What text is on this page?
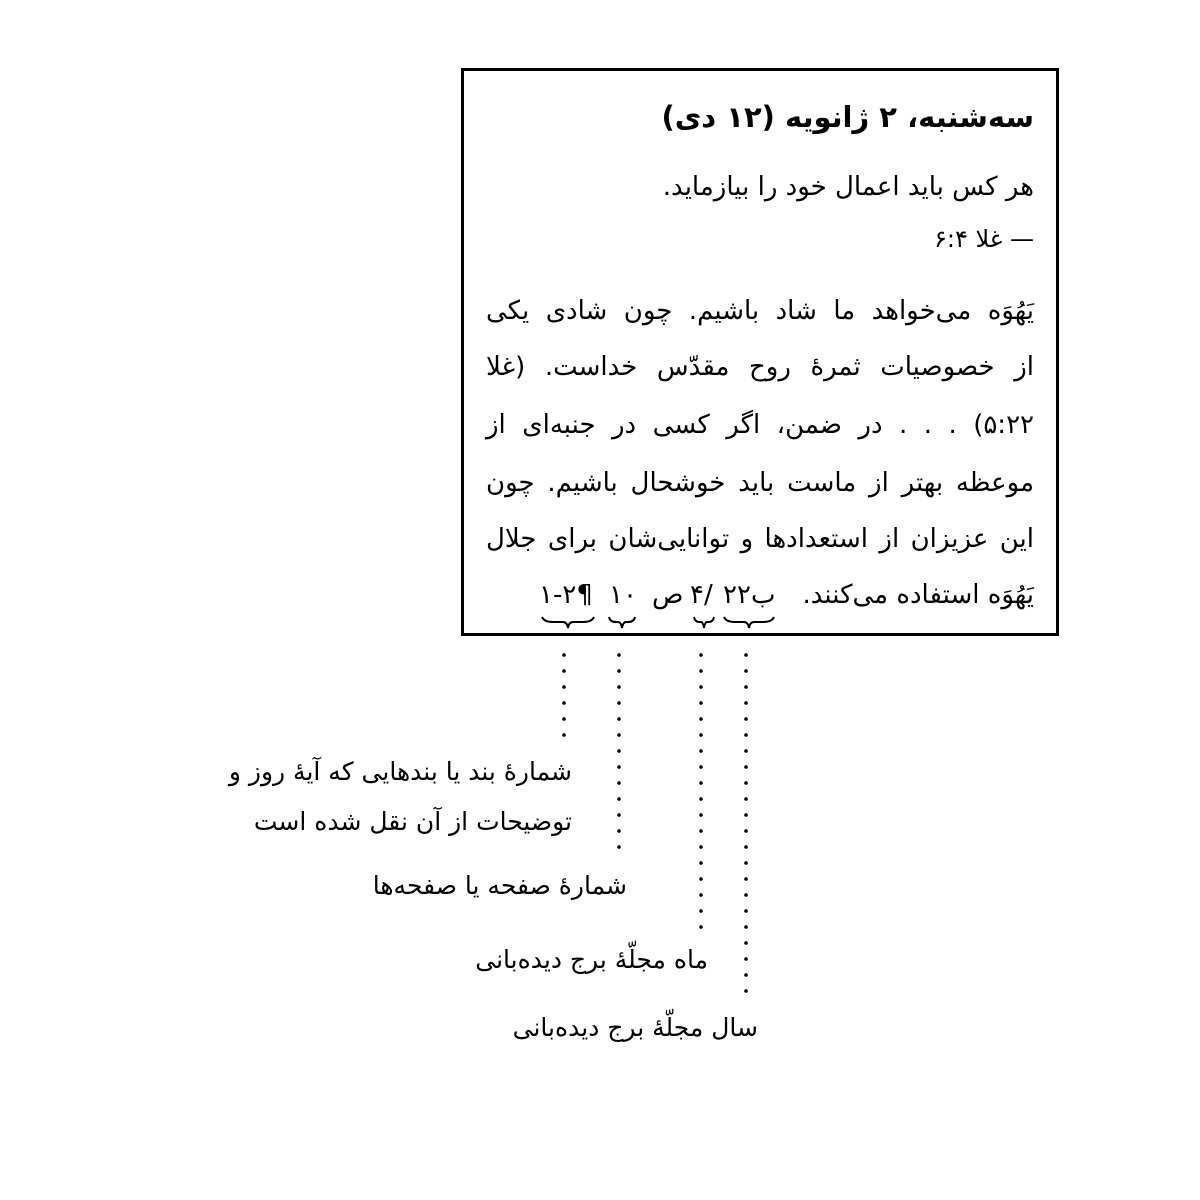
سه‌شنبه، ۲ ژانویه (۱۲ دی)
هر کس باید اعمال خود را بیازماید.
— غلا ۶:۴
یَهُوَه می‌خواهد ما شاد باشیم. چون شادی یکی
از خصوصیات ثمرهٔ روح مقدّس خداست. (غلا
۵:۲۲) . . . در ضمن، اگر کسی در جنبه‌ای از
موعظه بهتر از ماست باید خوشحال باشیم. چون
این عزیزان از استعدادها و توانایی‌شان برای جلال
یَهُوَه استفاده می‌کنند.
ب۲۲
/۴
ص
۱۰
¶۱-۲
شمارهٔ بند یا بندهایی که آیهٔ روز و
توضیحات از آن نقل شده است
شمارهٔ صفحه یا صفحه‌ها
ماه مجلّهٔ برج دیده‌بانی
سال مجلّهٔ برج دیده‌بانی
